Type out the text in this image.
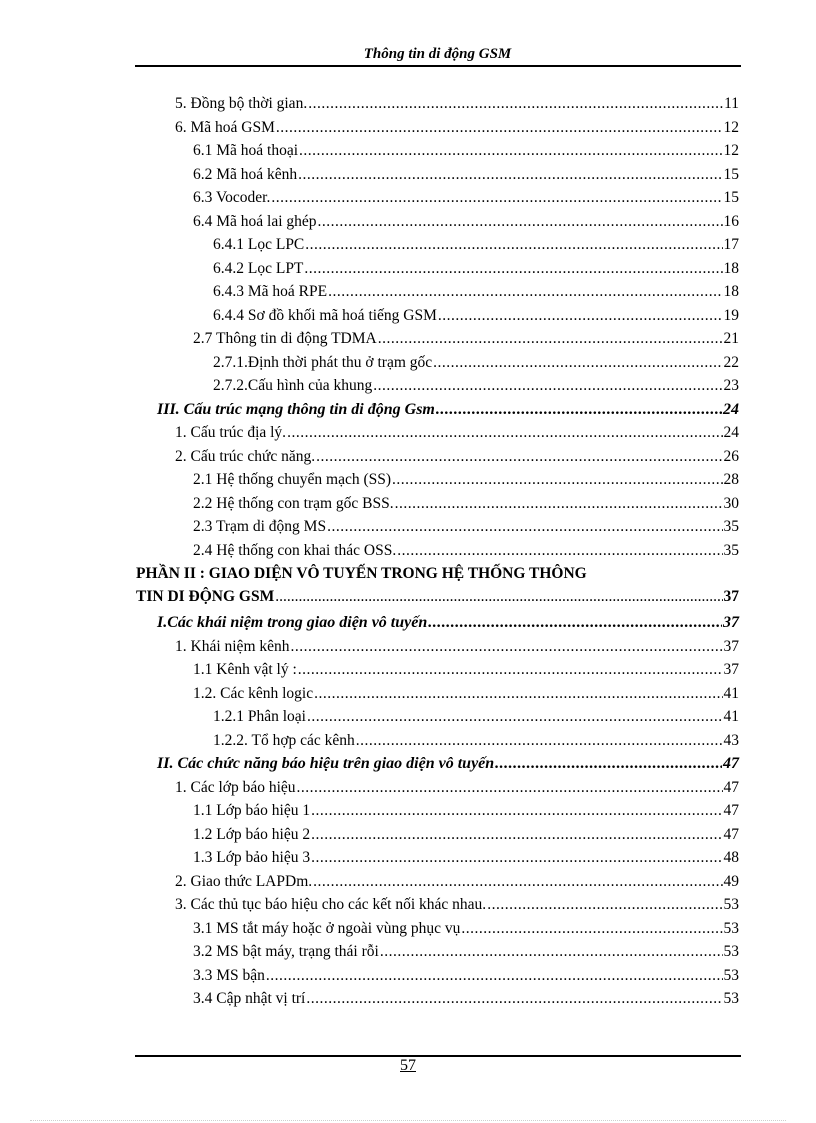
Thông tin di động GSM
5. Đồng bộ thời gian. .....	11
6. Mã hoá GSM .....	12
6.1 Mã hoá thoại .....	12
6.2 Mã hoá kênh .....	15
6.3 Vocoder. .....	15
6.4 Mã hoá lai ghép .....	16
6.4.1 Lọc LPC .....	17
6.4.2 Lọc LPT .....	18
6.4.3 Mã hoá RPE .....	18
6.4.4 Sơ đồ khối mã hoá tiếng GSM .....	19
2.7 Thông tin di động TDMA .....	21
2.7.1.Định thời phát thu ở trạm gốc .....	22
2.7.2.Cấu hình của khung .....	23
III. Cấu trúc mạng thông tin di động Gsm .....	24
1. Cấu trúc địa lý. .....	24
2. Cấu trúc chức năng. .....	26
2.1 Hệ thống chuyển mạch (SS) .....	28
2.2 Hệ thống con trạm gốc BSS. .....	30
2.3 Trạm di động MS .....	35
2.4 Hệ thống con khai thác OSS. .....	35
PHẦN II : GIAO DIỆN VÔ TUYẾN TRONG HỆ THỐNG THÔNG
TIN DI ĐỘNG GSM .....	37
I.Các khái niệm trong giao diện vô tuyến .....	37
1. Khái niệm kênh .....	37
1.1 Kênh vật lý : .....	37
1.2. Các kênh logic .....	41
1.2.1 Phân loại .....	41
1.2.2. Tổ hợp các kênh .....	43
II. Các chức năng báo hiệu trên giao diện vô tuyến .....	47
1. Các lớp báo hiệu .....	47
1.1 Lớp báo hiệu 1 .....	47
1.2 Lớp báo hiệu 2 .....	47
1.3 Lớp bảo hiệu 3 .....	48
2. Giao thức LAPDm. .....	49
3. Các thủ tục báo hiệu cho các kết nối khác nhau. .....	53
3.1 MS tắt máy hoặc ở ngoài vùng phục vụ .....	53
3.2 MS bật máy, trạng thái rỗi .....	53
3.3 MS bận .....	53
3.4 Cập nhật vị trí .....	53
57
